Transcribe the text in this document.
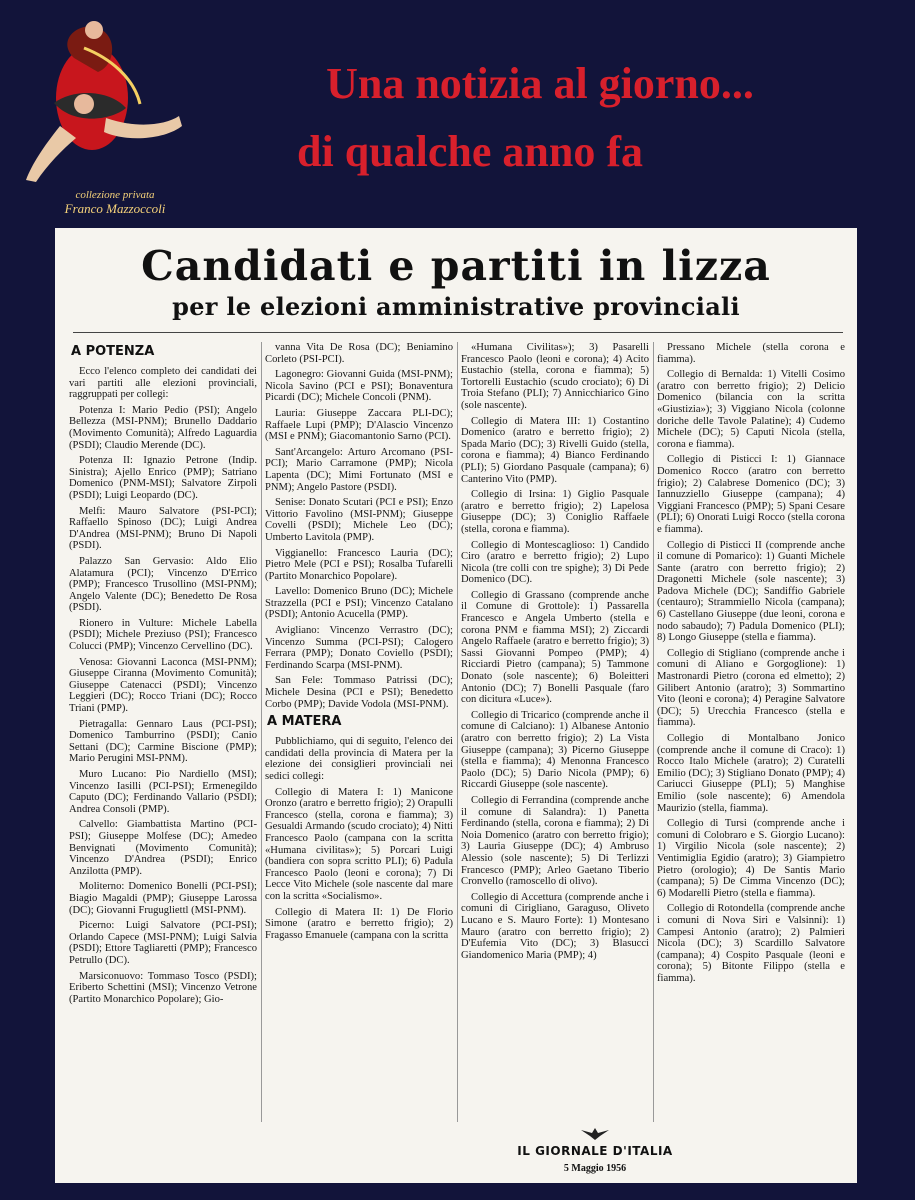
collezione privata
Franco Mazzoccoli
Una notizia al giorno...
di qualche anno fa
Candidati e partiti in lizza
per le elezioni amministrative provinciali
A POTENZA
Ecco l'elenco completo dei candidati dei vari partiti alle elezioni provinciali, raggruppati per collegi:
Potenza I: Mario Pedio (PSI); Angelo Bellezza (MSI-PNM); Brunello Daddario (Movimento Comunità); Alfredo Laguardia (PSDI); Claudio Merende (DC).
Potenza II: Ignazio Petrone (Indip. Sinistra); Ajello Enrico (PMP); Satriano Domenico (PNM-MSI); Salvatore Zirpoli (PSDI); Luigi Leopardo (DC).
Melfi: Mauro Salvatore (PSI-PCI); Raffaello Spinoso (DC); Luigi Andrea D'Andrea (MSI-PNM); Bruno Di Napoli (PSDI).
Palazzo San Gervasio: Aldo Elio Alatamura (PCI); Vincenzo D'Errico (PMP); Francesco Trusollino (MSI-PNM); Angelo Valente (DC); Benedetto De Rosa (PSDI).
Rionero in Vulture: Michele Labella (PSDI); Michele Preziuso (PSI); Francesco Colucci (PMP); Vincenzo Cervellino (DC).
Venosa: Giovanni Laconca (MSI-PNM); Giuseppe Ciranna (Movimento Comunità); Giuseppe Catenacci (PSDI); Vincenzo Leggieri (DC); Rocco Triani (DC); Rocco Triani (PMP).
Pietragalla: Gennaro Laus (PCI-PSI); Domenico Tamburrino (PSDI); Canio Settani (DC); Carmine Biscione (PMP); Mario Perugini MSI-PNM).
Muro Lucano: Pio Nardiello (MSI); Vincenzo Iasilli (PCI-PSI); Ermenegildo Caputo (DC); Ferdinando Vallario (PSDI); Andrea Consoli (PMP).
Calvello: Giambattista Martino (PCI-PSI); Giuseppe Molfese (DC); Amedeo Benvignati (Movimento Comunità); Vincenzo D'Andrea (PSDI); Enrico Anzilotta (PMP).
Moliterno: Domenico Bonelli (PCI-PSI); Biagio Magaldi (PMP); Giuseppe Larossa (DC); Giovanni Frugugliettl (MSI-PNM).
Picerno: Luigi Salvatore (PCI-PSI); Orlando Capece (MSI-PNM); Luigi Salvia (PSDI); Ettore Tagliaretti (PMP); Francesco Petrullo (DC).
Marsiconuovo: Tommaso Tosco (PSDI); Eriberto Schettini (MSI); Vincenzo Vetrone (Partito Monarchico Popolare); Gio-
vanna Vita De Rosa (DC); Beniamino Corleto (PSI-PCI).
Lagonegro: Giovanni Guida (MSI-PNM); Nicola Savino (PCI e PSI); Bonaventura Picardi (DC); Michele Concoli (PNM).
Lauria: Giuseppe Zaccara PLI-DC); Raffaele Lupi (PMP); D'Alascio Vincenzo (MSI e PNM); Giacomantonio Sarno (PCI).
Sant'Arcangelo: Arturo Arcomano (PSI-PCI); Mario Carramone (PMP); Nicola Lapenta (DC); Mimi Fortunato (MSI e PNM); Angelo Pastore (PSDI).
Senise: Donato Scutari (PCI e PSI); Enzo Vittorio Favolino (MSI-PNM); Giuseppe Covelli (PSDI); Michele Leo (DC); Umberto Lavitola (PMP).
Viggianello: Francesco Lauria (DC); Pietro Mele (PCI e PSI); Rosalba Tufarelli (Partito Monarchico Popolare).
Lavello: Domenico Bruno (DC); Michele Strazzella (PCI e PSI); Vincenzo Catalano (PSDI); Antonio Acucella (PMP).
Avigliano: Vincenzo Verrastro (DC); Vincenzo Summa (PCI-PSI); Calogero Ferrara (PMP); Donato Coviello (PSDI); Ferdinando Scarpa (MSI-PNM).
San Fele: Tommaso Patrissi (DC); Michele Desina (PCI e PSI); Benedetto Corbo (PMP); Davide Vodola (MSI-PNM).
A MATERA
Pubblichiamo, qui di seguito, l'elenco dei candidati della provincia di Matera per la elezione dei consiglieri provinciali nei sedici collegi:
Collegio di Matera I: 1) Manicone Oronzo (aratro e berretto frigio); 2) Orapulli Francesco (stella, corona e fiamma); 3) Gesualdi Armando (scudo crociato); 4) Nitti Francesco Paolo (campana con la scritta «Humana civilitas»); 5) Porcari Luigi (bandiera con sopra scritto PLI); 6) Padula Francesco Paolo (leoni e corona); 7) Di Lecce Vito Michele (sole nascente dal mare con la scritta «Socialismo».
Collegio di Matera II: 1) De Florio Simone (aratro e berretto frigio); 2) Fragasso Emanuele (campana con la scritta
«Humana Civilitas»); 3) Pasarelli Francesco Paolo (leoni e corona); 4) Acito Eustachio (stella, corona e fiamma); 5) Tortorelli Eustachio (scudo crociato); 6) Di Troia Stefano (PLI); 7) Annicchiarico Gino (sole nascente).
Collegio di Matera III: 1) Costantino Domenico (aratro e berretto frigio); 2) Spada Mario (DC); 3) Rivelli Guido (stella, corona e fiamma); 4) Bianco Ferdinando (PLI); 5) Giordano Pasquale (campana); 6) Canterino Vito (PMP).
Collegio di Irsina: 1) Giglio Pasquale (aratro e berretto frigio); 2) Lapelosa Giuseppe (DC); 3) Coniglio Raffaele (stella, corona e fiamma).
Collegio di Montescaglioso: 1) Candido Ciro (aratro e berretto frigio); 2) Lupo Nicola (tre colli con tre spighe); 3) Di Pede Domenico (DC).
Collegio di Grassano (comprende anche il Comune di Grottole): 1) Passarella Francesco e Angela Umberto (stella e corona PNM e fiamma MSI); 2) Ziccardi Angelo Raffaele (aratro e berretto frigio); 3) Sassi Giovanni Pompeo (PMP); 4) Ricciardi Pietro (campana); 5) Tammone Donato (sole nascente); 6) Boleitteri Antonio (DC); 7) Bonelli Pasquale (faro con dicitura «Luce»).
Collegio di Tricarico (comprende anche il comune di Calciano): 1) Albanese Antonio (aratro con berretto frigio); 2) La Vista Giuseppe (campana); 3) Picerno Giuseppe (stella e fiamma); 4) Menonna Francesco Paolo (DC); 5) Dario Nicola (PMP); 6) Riccardi Giuseppe (sole nascente).
Collegio di Ferrandina (comprende anche il comune di Salandra): 1) Panetta Ferdinando (stella, corona e fiamma); 2) Di Noia Domenico (aratro con berretto frigio); 3) Lauria Giuseppe (DC); 4) Ambruso Alessio (sole nascente); 5) Di Terlizzi Francesco (PMP); Arleo Gaetano Tiberio Cronvello (ramoscello di olivo).
Collegio di Accettura (comprende anche i comuni di Cirigliano, Garaguso, Oliveto Lucano e S. Mauro Forte): 1) Montesano Mauro (aratro con berretto frigio); 2) D'Eufemia Vito (DC); 3) Blasucci Giandomenico Maria (PMP); 4)
Pressano Michele (stella corona e fiamma).
Collegio di Bernalda: 1) Vitelli Cosimo (aratro con berretto frigio); 2) Delicio Domenico (bilancia con la scritta «Giustizia»); 3) Viggiano Nicola (colonne doriche delle Tavole Palatine); 4) Cudemo Michele (DC); 5) Caputi Nicola (stella, corona e fiamma).
Collegio di Pisticci I: 1) Giannace Domenico Rocco (aratro con berretto frigio); 2) Calabrese Domenico (DC); 3) Iannuzziello Giuseppe (campana); 4) Viggiani Francesco (PMP); 5) Spani Cesare (PLI); 6) Onorati Luigi Rocco (stella corona e fiamma).
Collegio di Pisticci II (comprende anche il comune di Pomarico): 1) Guanti Michele Sante (aratro con berretto frigio); 2) Dragonetti Michele (sole nascente); 3) Padova Michele (DC); Sandiffio Gabriele (centauro); Strammiello Nicola (campana); 6) Castellano Giuseppe (due leoni, corona e nodo sabaudo); 7) Padula Domenico (PLI); 8) Longo Giuseppe (stella e fiamma).
Collegio di Stigliano (comprende anche i comuni di Aliano e Gorgoglione): 1) Mastronardi Pietro (corona ed elmetto); 2) Gilibert Antonio (aratro); 3) Sommartino Vito (leoni e corona); 4) Peragine Salvatore (DC); 5) Urecchia Francesco (stella e fiamma).
Collegio di Montalbano Jonico (comprende anche il comune di Craco): 1) Rocco Italo Michele (aratro); 2) Curatelli Emilio (DC); 3) Stigliano Donato (PMP); 4) Cariucci Giuseppe (PLI); 5) Manghise Emilio (sole nascente); 6) Amendola Maurizio (stella, fiamma).
Collegio di Tursi (comprende anche i comuni di Colobraro e S. Giorgio Lucano): 1) Virgilio Nicola (sole nascente); 2) Ventimiglia Egidio (aratro); 3) Giampietro Pietro (orologio); 4) De Santis Mario (campana); 5) De Cimma Vincenzo (DC); 6) Modarelli Pietro (stella e fiamma).
Collegio di Rotondella (comprende anche i comuni di Nova Siri e Valsinni): 1) Campesi Antonio (aratro); 2) Palmieri Nicola (DC); 3) Scardillo Salvatore (campana); 4) Cospito Pasquale (leoni e corona); 5) Bitonte Filippo (stella e fiamma).
IL GIORNALE D'ITALIA
5 Maggio 1956
